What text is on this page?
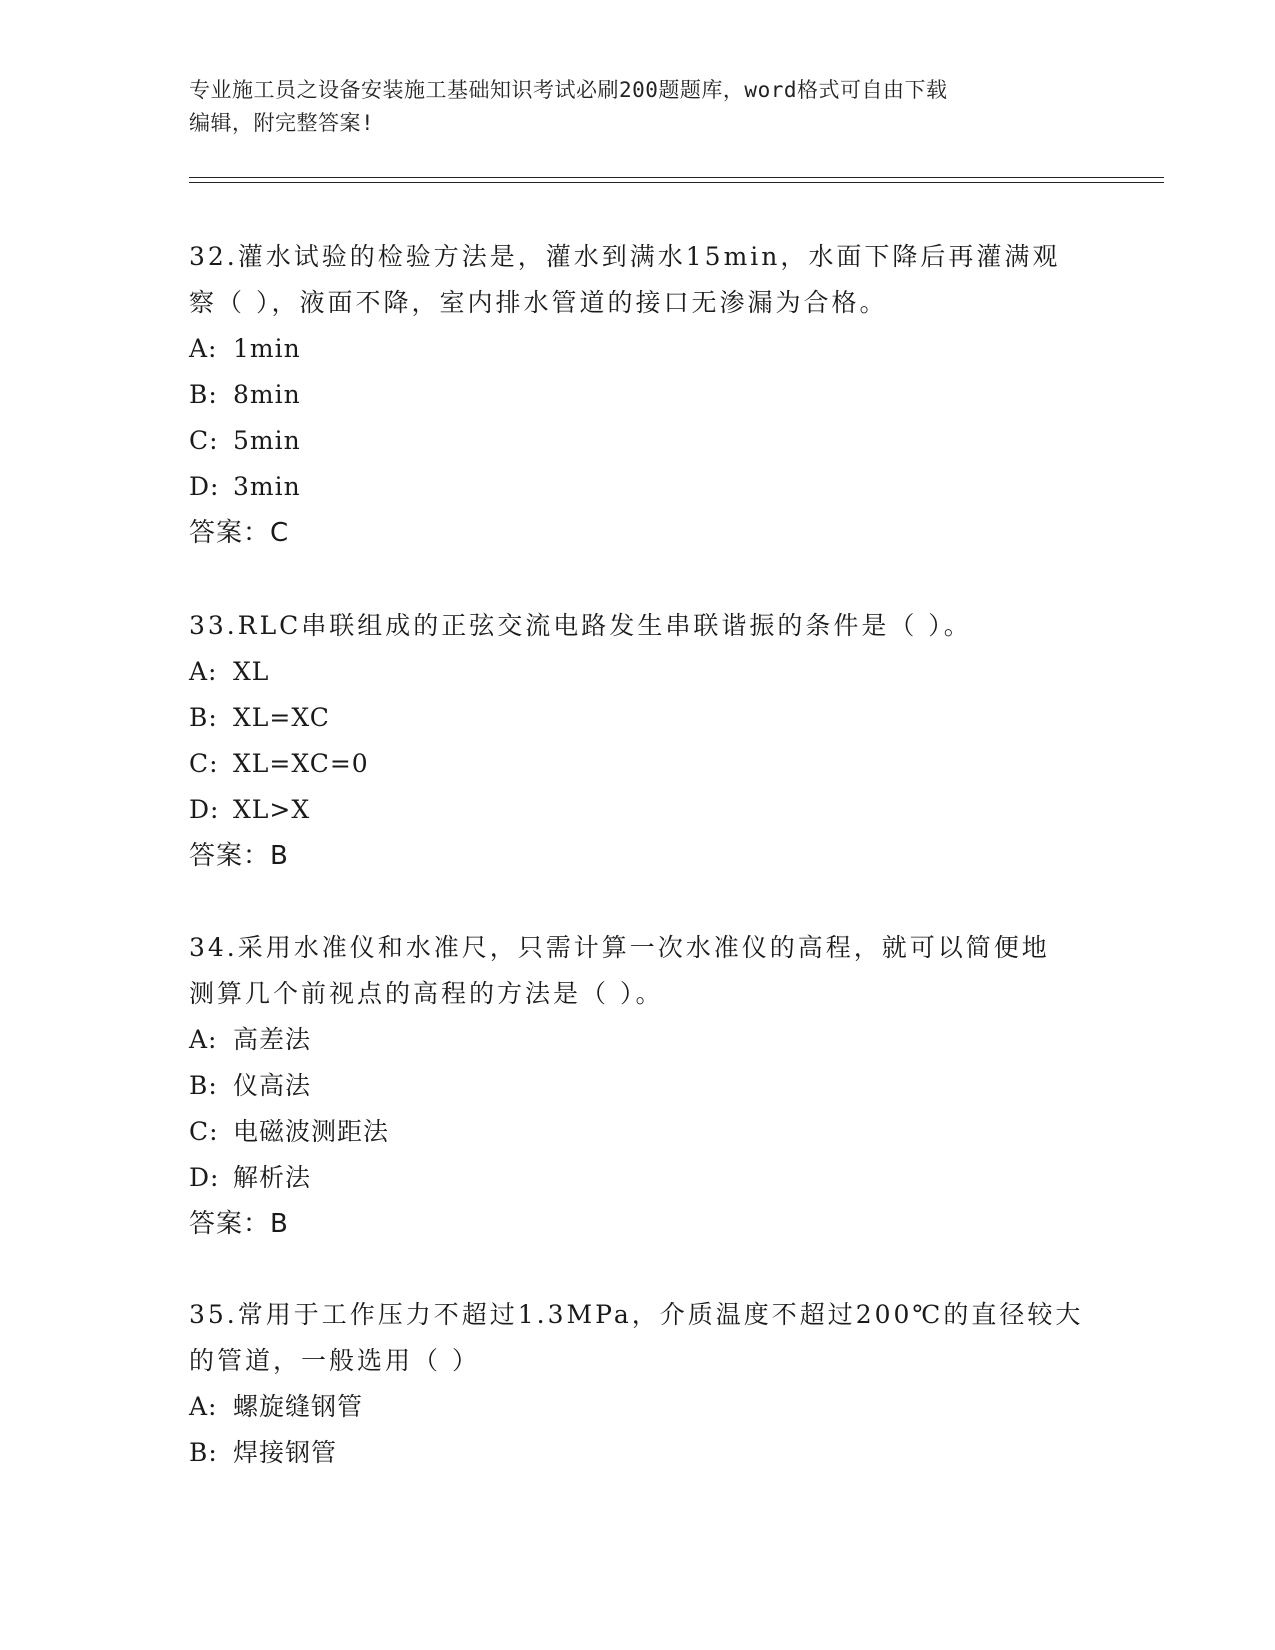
专业施工员之设备安装施工基础知识考试必刷200题题库，word格式可自由下载
编辑，附完整答案!

32.灌水试验的检验方法是，灌水到满水15min，水面下降后再灌满观

察（ ），液面不降，室内排水管道的接口无渗漏为合格。

A: 1min

B: 8min

C: 5min

D: 3min

答案：C

33.RLC串联组成的正弦交流电路发生串联谐振的条件是（ ）。

A: XL

B: XL=XC

C: XL=XC=0

D: XL>X

答案：B

34.采用水准仪和水准尺，只需计算一次水准仪的高程，就可以简便地

测算几个前视点的高程的方法是（ ）。

A: 高差法

B: 仪高法

C: 电磁波测距法

D: 解析法

答案：B

35.常用于工作压力不超过1.3MPa，介质温度不超过200℃的直径较大

的管道，一般选用（ ）

A: 螺旋缝钢管

B: 焊接钢管
